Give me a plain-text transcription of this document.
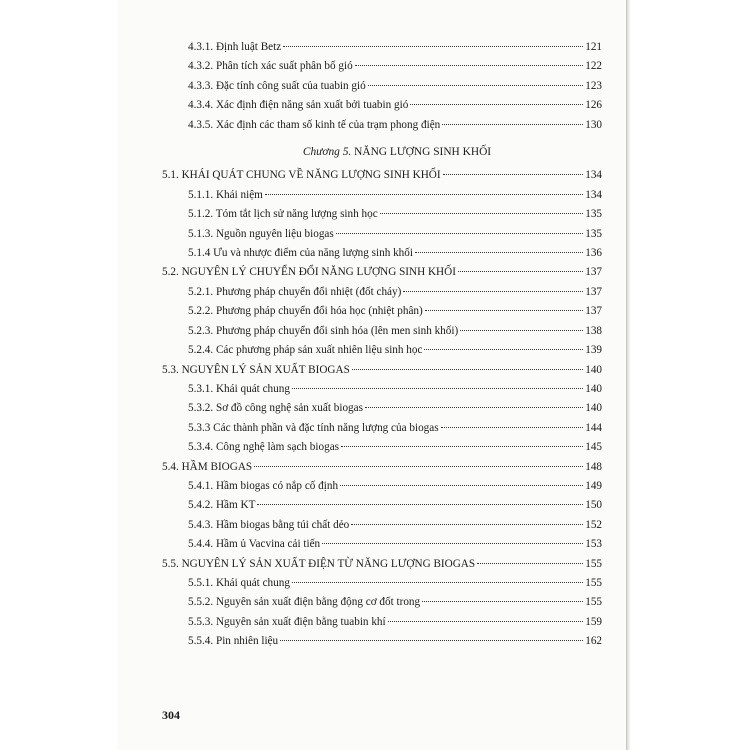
4.3.1. Định luật Betz	121
4.3.2. Phân tích xác suất phân bố gió	122
4.3.3. Đặc tính công suất của tuabin gió	123
4.3.4. Xác định điện năng sản xuất bởi tuabin gió	126
4.3.5. Xác định các tham số kinh tế của trạm phong điện	130
Chương 5. NĂNG LƯỢNG SINH KHỐI
5.1. KHÁI QUÁT CHUNG VỀ NĂNG LƯỢNG SINH KHỐI	134
5.1.1. Khái niệm	134
5.1.2. Tóm tắt lịch sử năng lượng sinh học	135
5.1.3. Nguồn nguyên liệu biogas	135
5.1.4 Ưu và nhược điểm của năng lượng sinh khối	136
5.2. NGUYÊN LÝ CHUYỂN ĐỔI NĂNG LƯỢNG SINH KHỐI	137
5.2.1. Phương pháp chuyển đổi nhiệt (đốt cháy)	137
5.2.2. Phương pháp chuyển đổi hóa học (nhiệt phân)	137
5.2.3. Phương pháp chuyển đổi sinh hóa (lên men sinh khối)	138
5.2.4. Các phương pháp sản xuất nhiên liệu sinh học	139
5.3. NGUYÊN LÝ SẢN XUẤT BIOGAS	140
5.3.1. Khái quát chung	140
5.3.2. Sơ đồ công nghệ sản xuất biogas	140
5.3.3 Các thành phần và đặc tính năng lượng của biogas	144
5.3.4. Công nghệ làm sạch biogas	145
5.4. HẦM BIOGAS	148
5.4.1. Hầm biogas có nắp cố định	149
5.4.2. Hầm KT	150
5.4.3. Hầm biogas bằng túi chất dẻo	152
5.4.4. Hầm ủ Vacvina cải tiến	153
5.5. NGUYÊN LÝ SẢN XUẤT ĐIỆN TỪ NĂNG LƯỢNG BIOGAS	155
5.5.1. Khái quát chung	155
5.5.2. Nguyên sản xuất điện bằng động cơ đốt trong	155
5.5.3. Nguyên sản xuất điện bằng tuabin khí	159
5.5.4. Pin nhiên liệu	162
304
